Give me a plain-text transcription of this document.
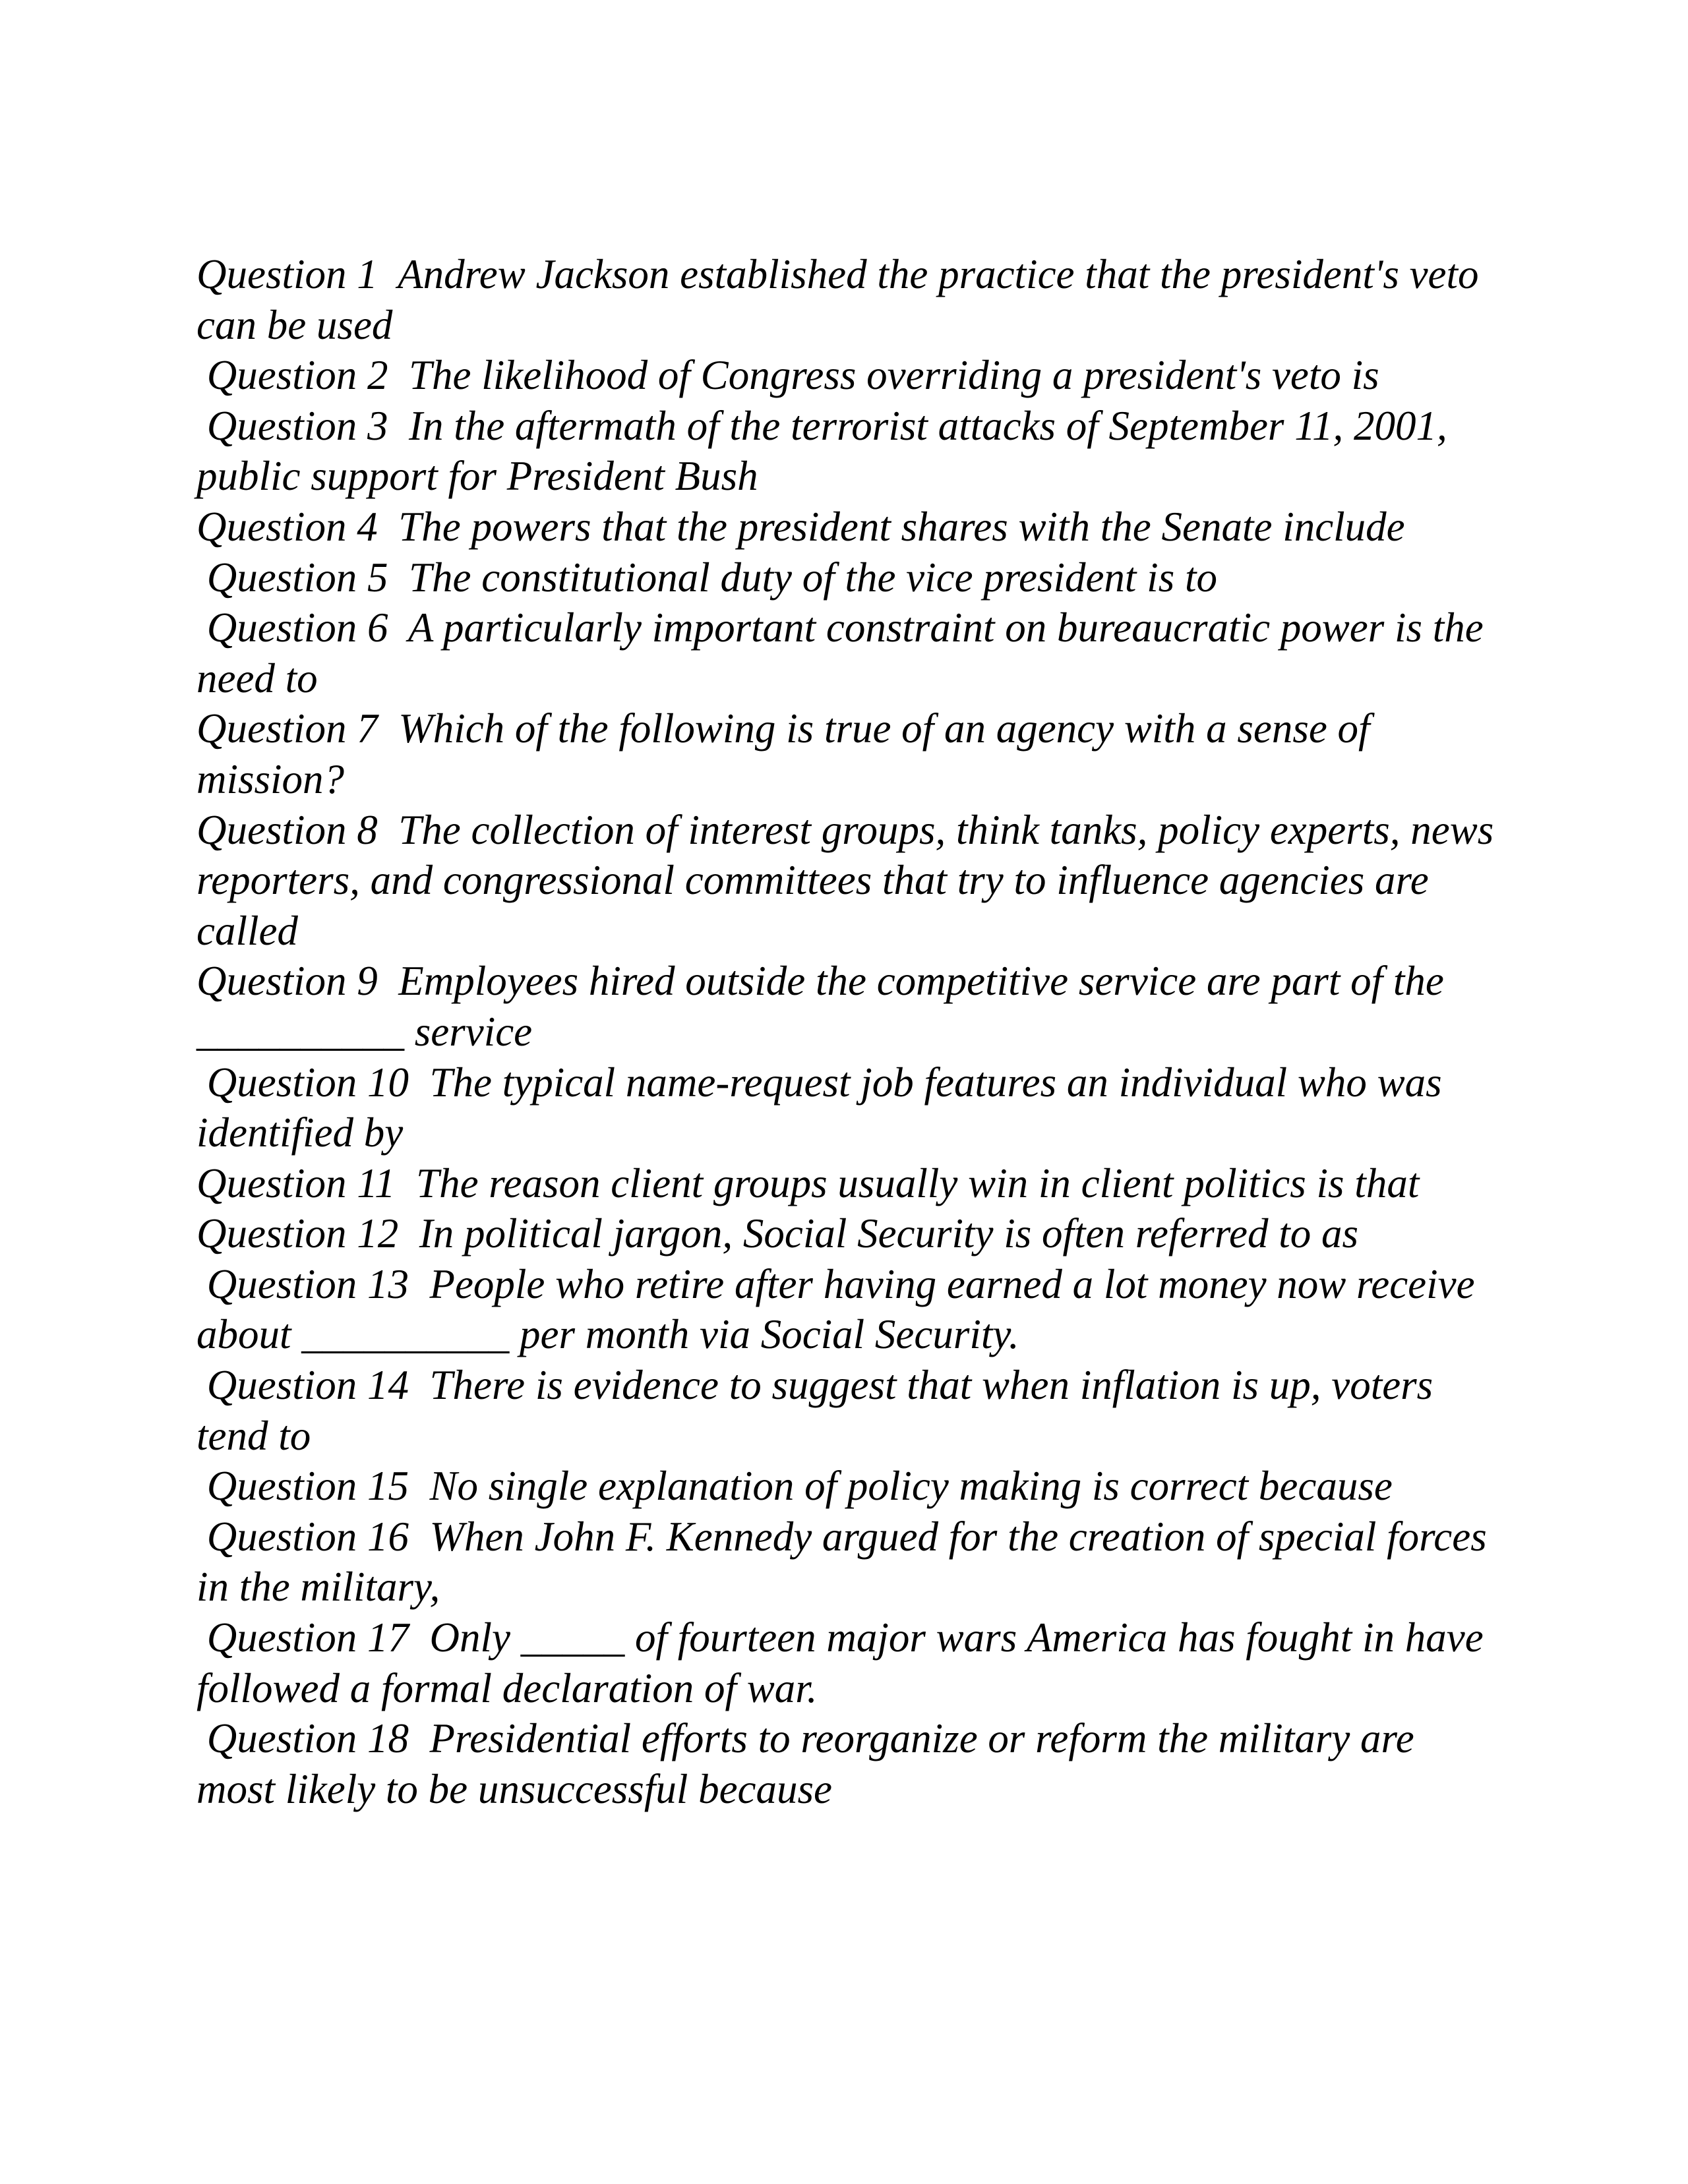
Question 1  Andrew Jackson established the practice that the president's veto can be used
Question 2  The likelihood of Congress overriding a president's veto is
Question 3  In the aftermath of the terrorist attacks of September 11, 2001, public support for President Bush
Question 4  The powers that the president shares with the Senate include
Question 5  The constitutional duty of the vice president is to
Question 6  A particularly important constraint on bureaucratic power is the need to
Question 7  Which of the following is true of an agency with a sense of mission?
Question 8  The collection of interest groups, think tanks, policy experts, news reporters, and congressional committees that try to influence agencies are called
Question 9  Employees hired outside the competitive service are part of the __________ service
Question 10  The typical name-request job features an individual who was identified by
Question 11  The reason client groups usually win in client politics is that
Question 12  In political jargon, Social Security is often referred to as
Question 13  People who retire after having earned a lot money now receive about __________ per month via Social Security.
Question 14  There is evidence to suggest that when inflation is up, voters tend to
Question 15  No single explanation of policy making is correct because
Question 16  When John F. Kennedy argued for the creation of special forces in the military,
Question 17  Only _____ of fourteen major wars America has fought in have followed a formal declaration of war.
Question 18  Presidential efforts to reorganize or reform the military are most likely to be unsuccessful because
